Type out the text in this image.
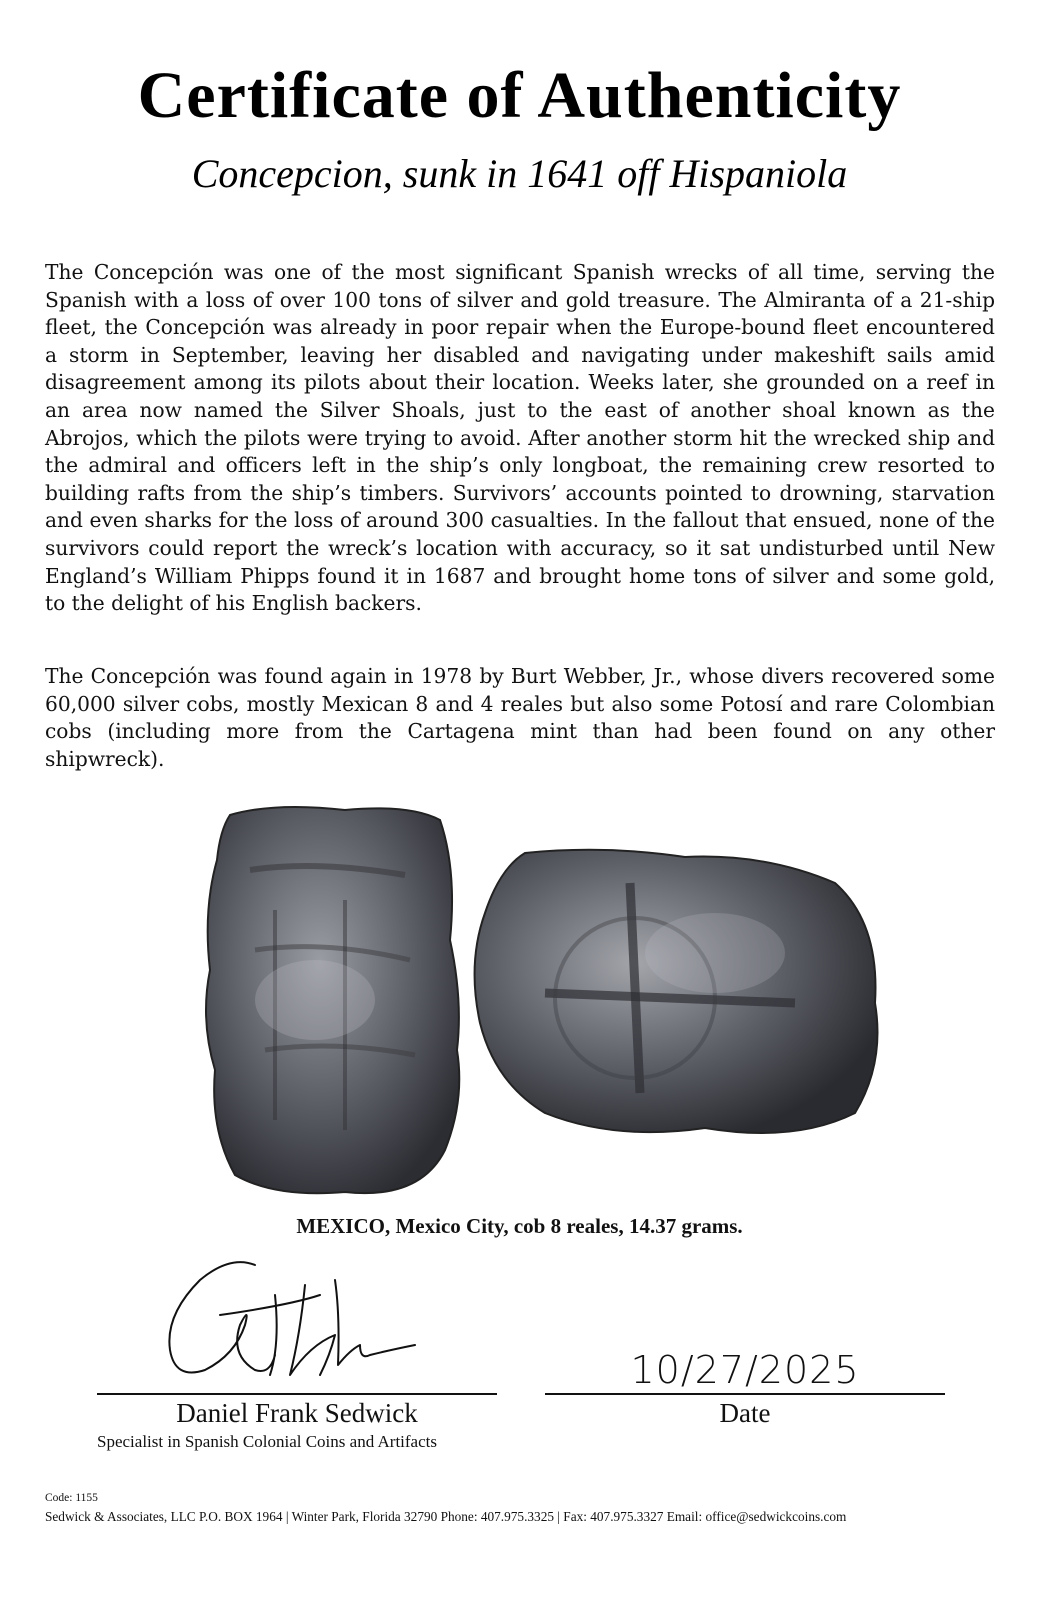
Certificate of Authenticity
Concepcion, sunk in 1641 off Hispaniola

The Concepción was one of the most significant Spanish wrecks of all time, serving the Spanish with a loss of over 100 tons of silver and gold treasure. The Almiranta of a 21-ship fleet, the Concepción was already in poor repair when the Europe-bound fleet encountered a storm in September, leaving her disabled and navigating under makeshift sails amid disagreement among its pilots about their location. Weeks later, she grounded on a reef in an area now named the Silver Shoals, just to the east of another shoal known as the Abrojos, which the pilots were trying to avoid. After another storm hit the wrecked ship and the admiral and officers left in the ship’s only longboat, the remaining crew resorted to building rafts from the ship’s timbers. Survivors’ accounts pointed to drowning, starvation and even sharks for the loss of around 300 casualties. In the fallout that ensued, none of the survivors could report the wreck’s location with accuracy, so it sat undisturbed until New England’s William Phipps found it in 1687 and brought home tons of silver and some gold, to the delight of his English backers.

The Concepción was found again in 1978 by Burt Webber, Jr., whose divers recovered some 60,000 silver cobs, mostly Mexican 8 and 4 reales but also some Potosí and rare Colombian cobs (including more from the Cartagena mint than had been found on any other shipwreck).

MEXICO, Mexico City, cob 8 reales, 14.37 grams.
10/27/2025
Daniel Frank Sedwick	Date
Specialist in Spanish Colonial Coins and Artifacts
Code: 1155
Sedwick & Associates, LLC P.O. BOX 1964 | Winter Park, Florida 32790 Phone: 407.975.3325 | Fax: 407.975.3327 Email: office@sedwickcoins.com
